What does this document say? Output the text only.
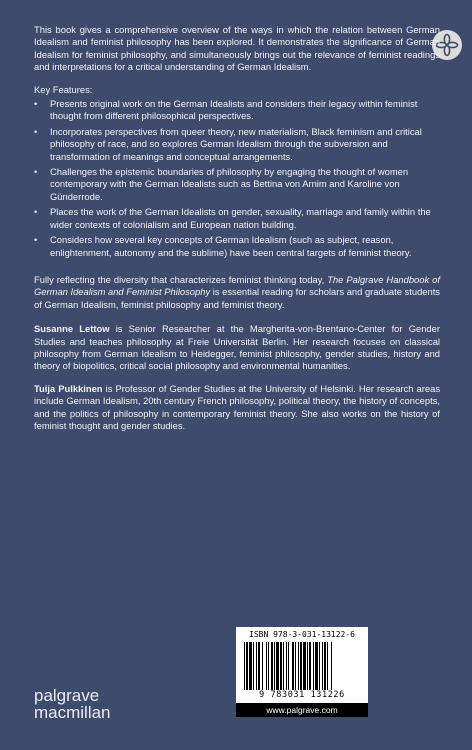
This book gives a comprehensive overview of the ways in which the relation between German Idealism and feminist philosophy has been explored. It demonstrates the significance of German Idealism for feminist philosophy, and simultaneously brings out the relevance of feminist readings and interpretations for a critical understanding of German Idealism.

Key Features:

• Presents original work on the German Idealists and considers their legacy within feminist thought from different philosophical perspectives.
• Incorporates perspectives from queer theory, new materialism, Black feminism and critical philosophy of race, and so explores German Idealism through the subversion and transformation of meanings and conceptual arrangements.
• Challenges the epistemic boundaries of philosophy by engaging the thought of women contemporary with the German Idealists such as Bettina von Arnim and Karoline von Günderrode.
• Places the work of the German Idealists on gender, sexuality, marriage and family within the wider contexts of colonialism and European nation building.
• Considers how several key concepts of German Idealism (such as subject, reason, enlightenment, autonomy and the sublime) have been central targets of feminist theory.

Fully reflecting the diversity that characterizes feminist thinking today, The Palgrave Handbook of German Idealism and Feminist Philosophy is essential reading for scholars and graduate students of German Idealism, feminist philosophy and feminist theory.

Susanne Lettow is Senior Researcher at the Margherita-von-Brentano-Center for Gender Studies and teaches philosophy at Freie Universität Berlin. Her research focuses on classical philosophy from German Idealism to Heidegger, feminist philosophy, gender studies, history and theory of biopolitics, critical social philosophy and environmental humanities.

Tuija Pulkkinen is Professor of Gender Studies at the University of Helsinki. Her research areas include German Idealism, 20th century French philosophy, political theory, the history of concepts, and the politics of philosophy in contemporary feminist theory. She also works on the history of feminist thought and gender studies.

palgrave
macmillan
ISBN 978-3-031-13122-6
9 783031 131226
www.palgrave.com
